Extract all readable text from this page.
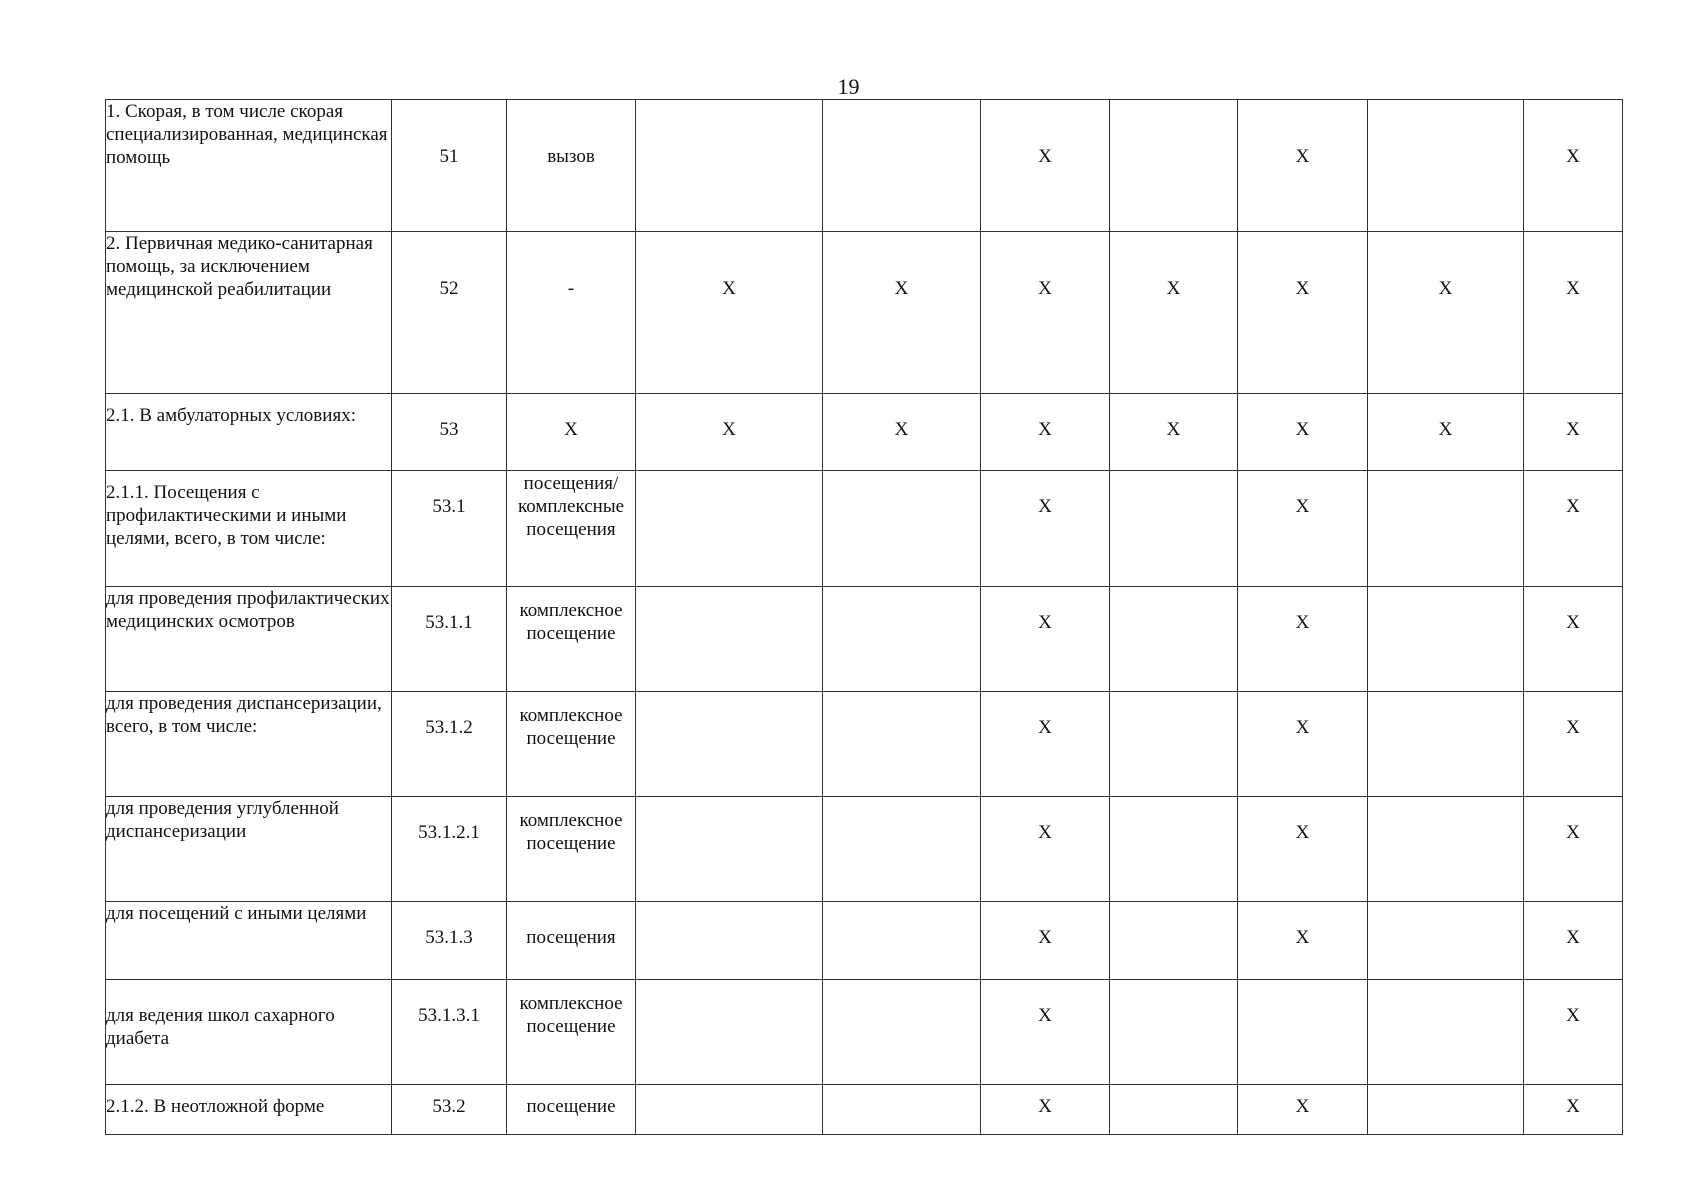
19
1. Скорая, в том числе скорая специализированная, медицинская помощь	51	вызов			X		X		X
2. Первичная медико-санитарная помощь, за исключением медицинской реабилитации	52	-	X	X	X	X	X	X	X
2.1. В амбулаторных условиях:	53	X	X	X	X	X	X	X	X
2.1.1. Посещения с профилактическими и иными целями, всего, в том числе:	53.1	посещения/ комплексные посещения			X		X		X
для проведения профилактических медицинских осмотров	53.1.1	комплексное посещение			X		X		X
для проведения диспансеризации, всего, в том числе:	53.1.2	комплексное посещение			X		X		X
для проведения углубленной диспансеризации	53.1.2.1	комплексное посещение			X		X		X
для посещений с иными целями	53.1.3	посещения			X		X		X
для ведения школ сахарного диабета	53.1.3.1	комплексное посещение			X				X
2.1.2. В неотложной форме	53.2	посещение			X		X		X
